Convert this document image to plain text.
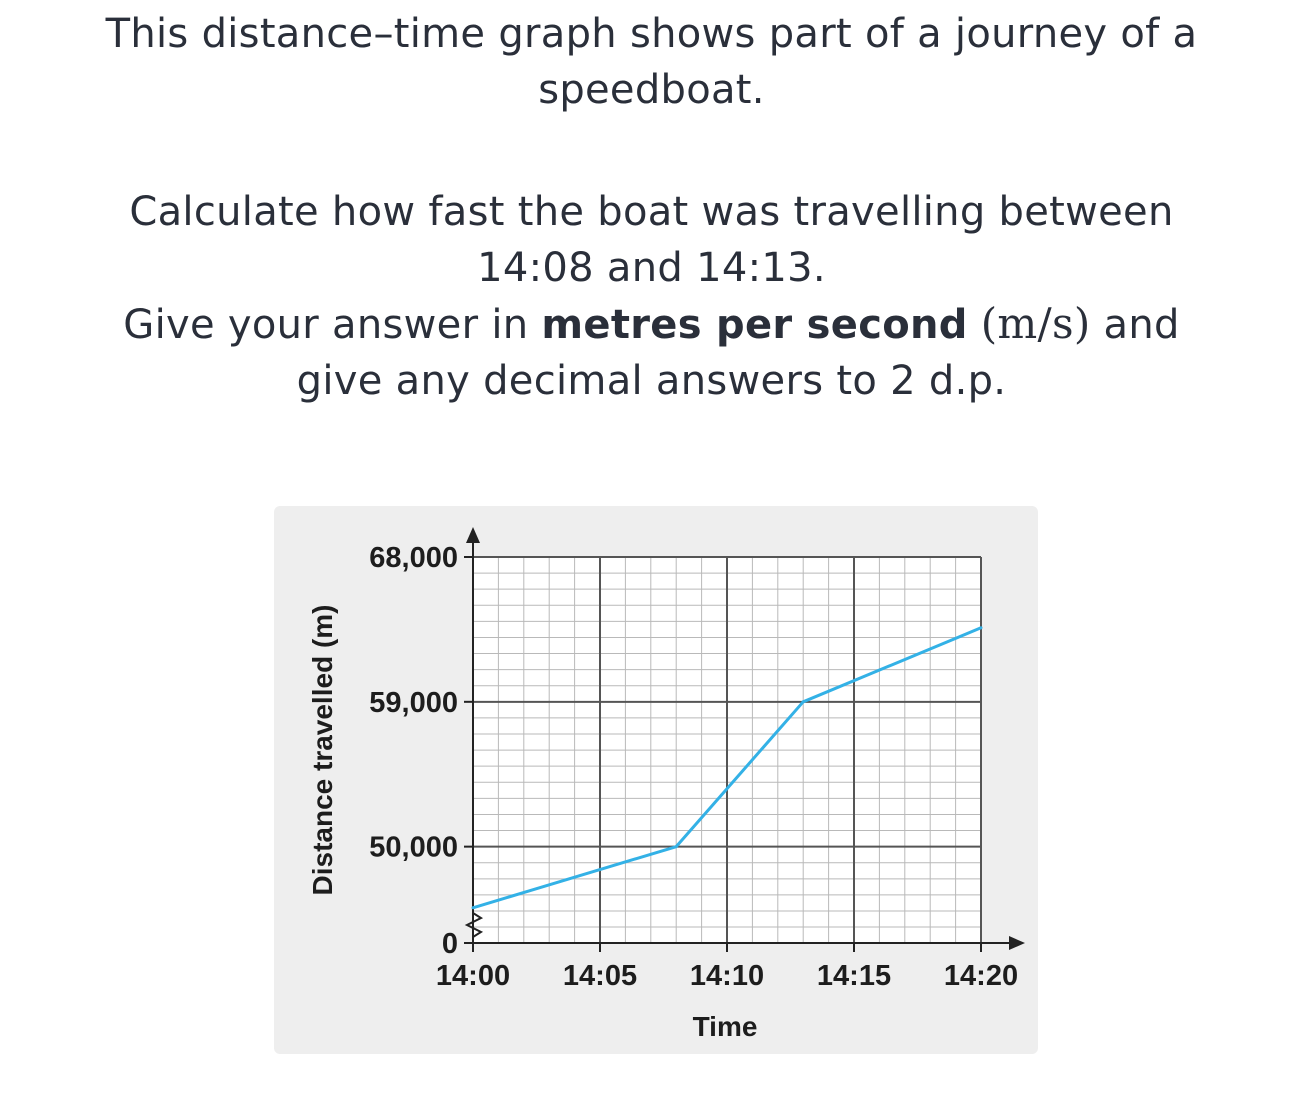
This distance–time graph shows part of a journey of a speedboat.

Calculate how fast the boat was travelling between

14:08 and 14:13.

Give your answer in metres per second (m/s) and

give any decimal answers to 2 d.p.

14:00 14:05 14:10 14:15 14:20
0
50,000
59,000
68,000
Time
Distance travelled (m)
